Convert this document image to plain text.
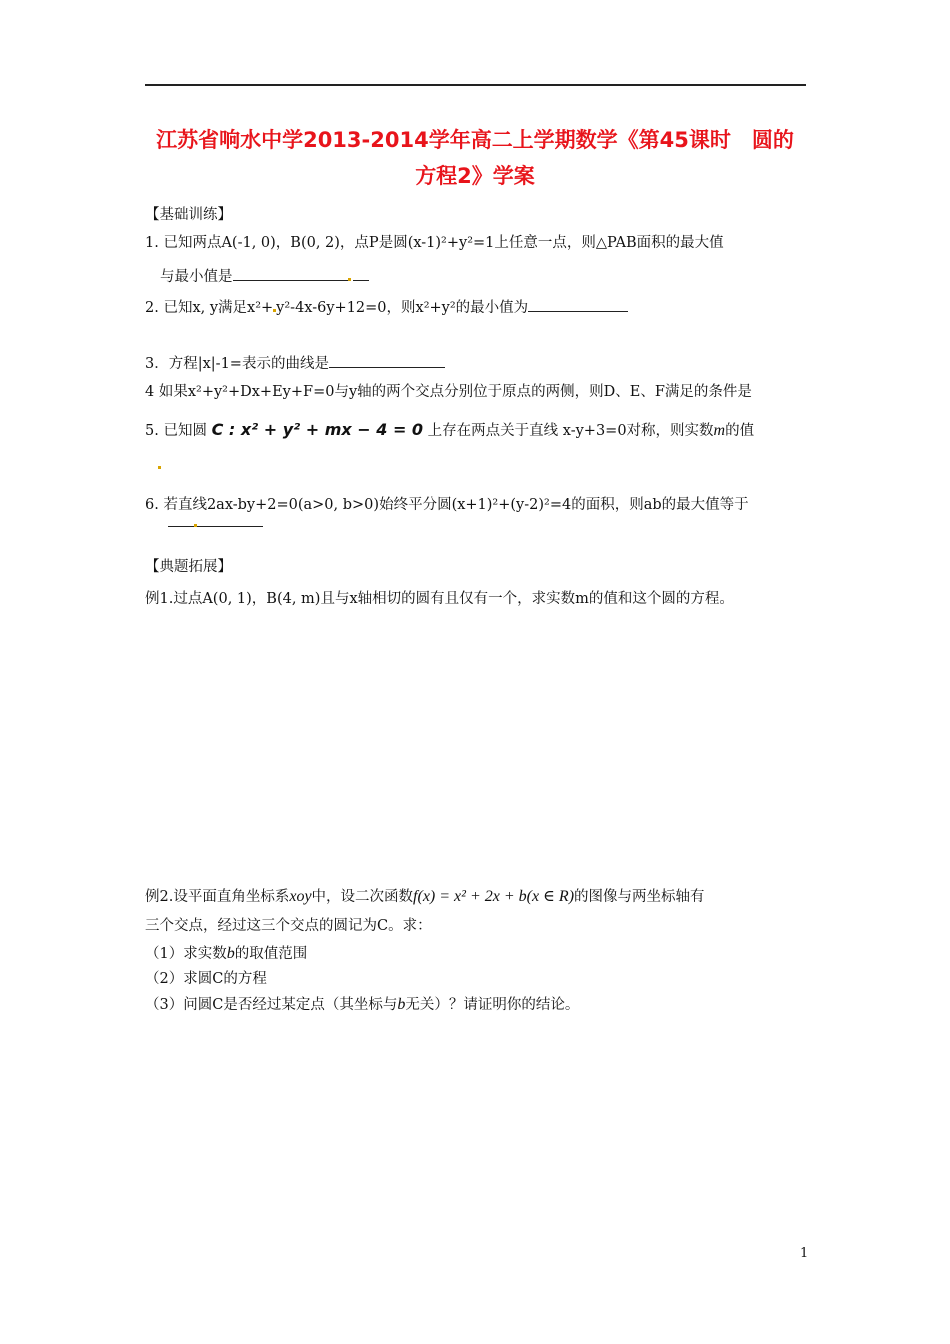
江苏省响水中学2013-2014学年高二上学期数学《第45课时　圆的
方程2》学案
【基础训练】
1. 已知两点A(-1, 0)，B(0, 2)，点P是圆(x-1)²+y²=1上任意一点，则△PAB面积的最大值
与最小值是
2. 已知x, y满足x²+ y²-4x-6y+12=0，则x²+y²的最小值为
3．方程|x|-1=表示的曲线是
4 如果x²+y²+Dx+Ey+F=0与y轴的两个交点分别位于原点的两侧，则D、E、F满足的条件是
5. 已知圆 C : x² + y² + mx − 4 = 0 上存在两点关于直线 x-y+3=0对称，则实数m的值
6. 若直线2ax-by+2=0(a>0, b>0)始终平分圆(x+1)²+(y-2)²=4的面积，则ab的最大值等于
【典题拓展】
例1.过点A(0, 1)，B(4, m)且与x轴相切的圆有且仅有一个，求实数m的值和这个圆的方程。
例2.设平面直角坐标系xoy中，设二次函数f(x) = x² + 2x + b(x ∈ R)的图像与两坐标轴有
三个交点，经过这三个交点的圆记为C。求：
（1）求实数b的取值范围
（2）求圆C的方程
（3）问圆C是否经过某定点（其坐标与b无关）？请证明你的结论。
1
